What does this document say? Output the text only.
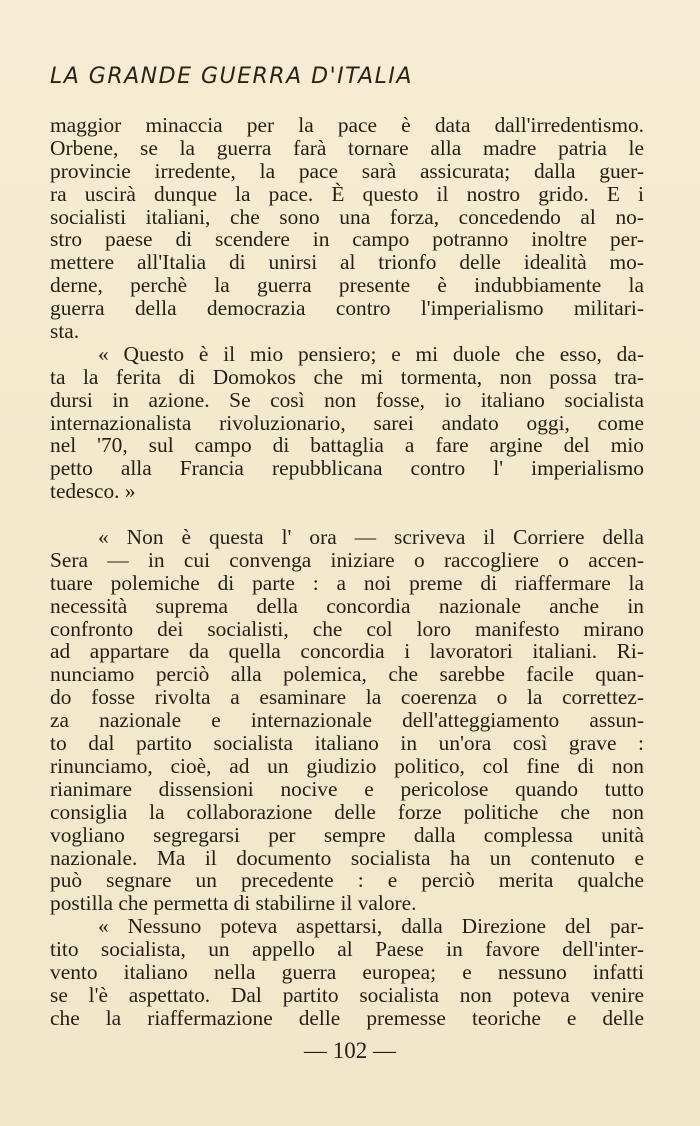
LA GRANDE GUERRA D'ITALIA
maggior minaccia per la pace è data dall'irredentismo.
Orbene, se la guerra farà tornare alla madre patria le
provincie irredente, la pace sarà assicurata; dalla guer-
ra uscirà dunque la pace. È questo il nostro grido. E i
socialisti italiani, che sono una forza, concedendo al no-
stro paese di scendere in campo potranno inoltre per-
mettere all'Italia di unirsi al trionfo delle idealità mo-
derne, perchè la guerra presente è indubbiamente la
guerra della democrazia contro l'imperialismo militari-
sta.
« Questo è il mio pensiero; e mi duole che esso, da-
ta la ferita di Domokos che mi tormenta, non possa tra-
dursi in azione. Se così non fosse, io italiano socialista
internazionalista rivoluzionario, sarei andato oggi, come
nel '70, sul campo di battaglia a fare argine del mio
petto alla Francia repubblicana contro l' imperialismo
tedesco. »
« Non è questa l' ora — scriveva il Corriere della
Sera — in cui convenga iniziare o raccogliere o accen-
tuare polemiche di parte : a noi preme di riaffermare la
necessità suprema della concordia nazionale anche in
confronto dei socialisti, che col loro manifesto mirano
ad appartare da quella concordia i lavoratori italiani. Ri-
nunciamo perciò alla polemica, che sarebbe facile quan-
do fosse rivolta a esaminare la coerenza o la correttez-
za nazionale e internazionale dell'atteggiamento assun-
to dal partito socialista italiano in un'ora così grave :
rinunciamo, cioè, ad un giudizio politico, col fine di non
rianimare dissensioni nocive e pericolose quando tutto
consiglia la collaborazione delle forze politiche che non
vogliano segregarsi per sempre dalla complessa unità
nazionale. Ma il documento socialista ha un contenuto e
può segnare un precedente : e perciò merita qualche
postilla che permetta di stabilirne il valore.
« Nessuno poteva aspettarsi, dalla Direzione del par-
tito socialista, un appello al Paese in favore dell'inter-
vento italiano nella guerra europea; e nessuno infatti
se l'è aspettato. Dal partito socialista non poteva venire
che la riaffermazione delle premesse teoriche e delle
— 102 —
